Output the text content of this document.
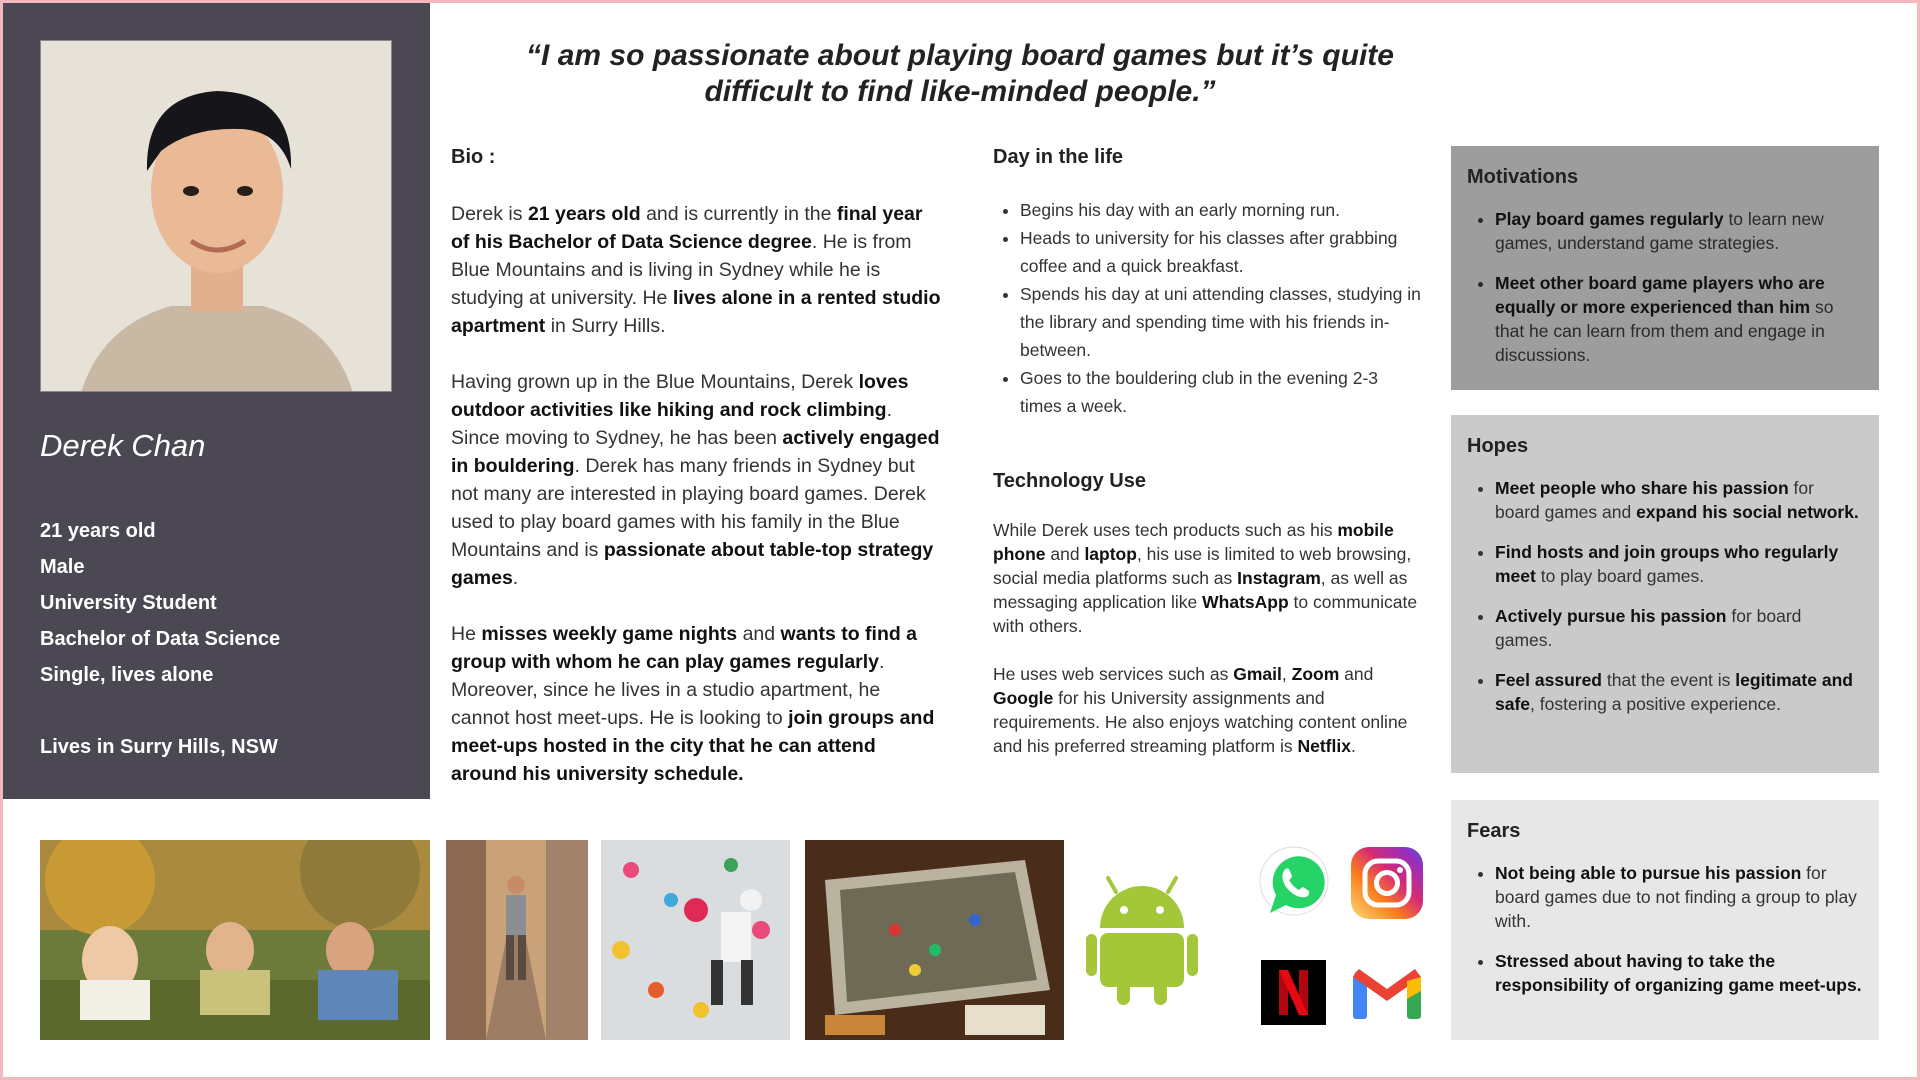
Derek Chan
21 years old
Male
University Student
Bachelor of Data Science
Single, lives alone
Lives in Surry Hills, NSW
“I am so passionate about playing board games but it’s quite difficult to find like-minded people.”
Bio :

Derek is 21 years old and is currently in the final year of his Bachelor of Data Science degree. He is from Blue Mountains and is living in Sydney while he is studying at university. He lives alone in a rented studio apartment in Surry Hills.

Having grown up in the Blue Mountains, Derek loves outdoor activities like hiking and rock climbing. Since moving to Sydney, he has been actively engaged in bouldering. Derek has many friends in Sydney but not many are interested in playing board games. Derek used to play board games with his family in the Blue Mountains and is passionate about table-top strategy games.

He misses weekly game nights and wants to find a group with whom he can play games regularly. Moreover, since he lives in a studio apartment, he cannot host meet-ups. He is looking to join groups and meet-ups hosted in the city that he can attend around his university schedule.

Day in the life
• Begins his day with an early morning run.
• Heads to university for his classes after grabbing coffee and a quick breakfast.
• Spends his day at uni attending classes, studying in the library and spending time with his friends in-between.
• Goes to the bouldering club in the evening 2-3 times a week.
Technology Use

While Derek uses tech products such as his mobile phone and laptop, his use is limited to web browsing, social media platforms such as Instagram, as well as messaging application like WhatsApp to communicate with others.

He uses web services such as Gmail, Zoom and Google for his University assignments and requirements. He also enjoys watching content online and his preferred streaming platform is Netflix.

Motivations
• Play board games regularly to learn new games, understand game strategies.
• Meet other board game players who are equally or more experienced than him so that he can learn from them and engage in discussions.
Hopes
• Meet people who share his passion for board games and expand his social network.
• Find hosts and join groups who regularly meet to play board games.
• Actively pursue his passion for board games.
• Feel assured that the event is legitimate and safe, fostering a positive experience.
Fears
• Not being able to pursue his passion for board games due to not finding a group to play with.
• Stressed about having to take the responsibility of organizing game meet-ups.
